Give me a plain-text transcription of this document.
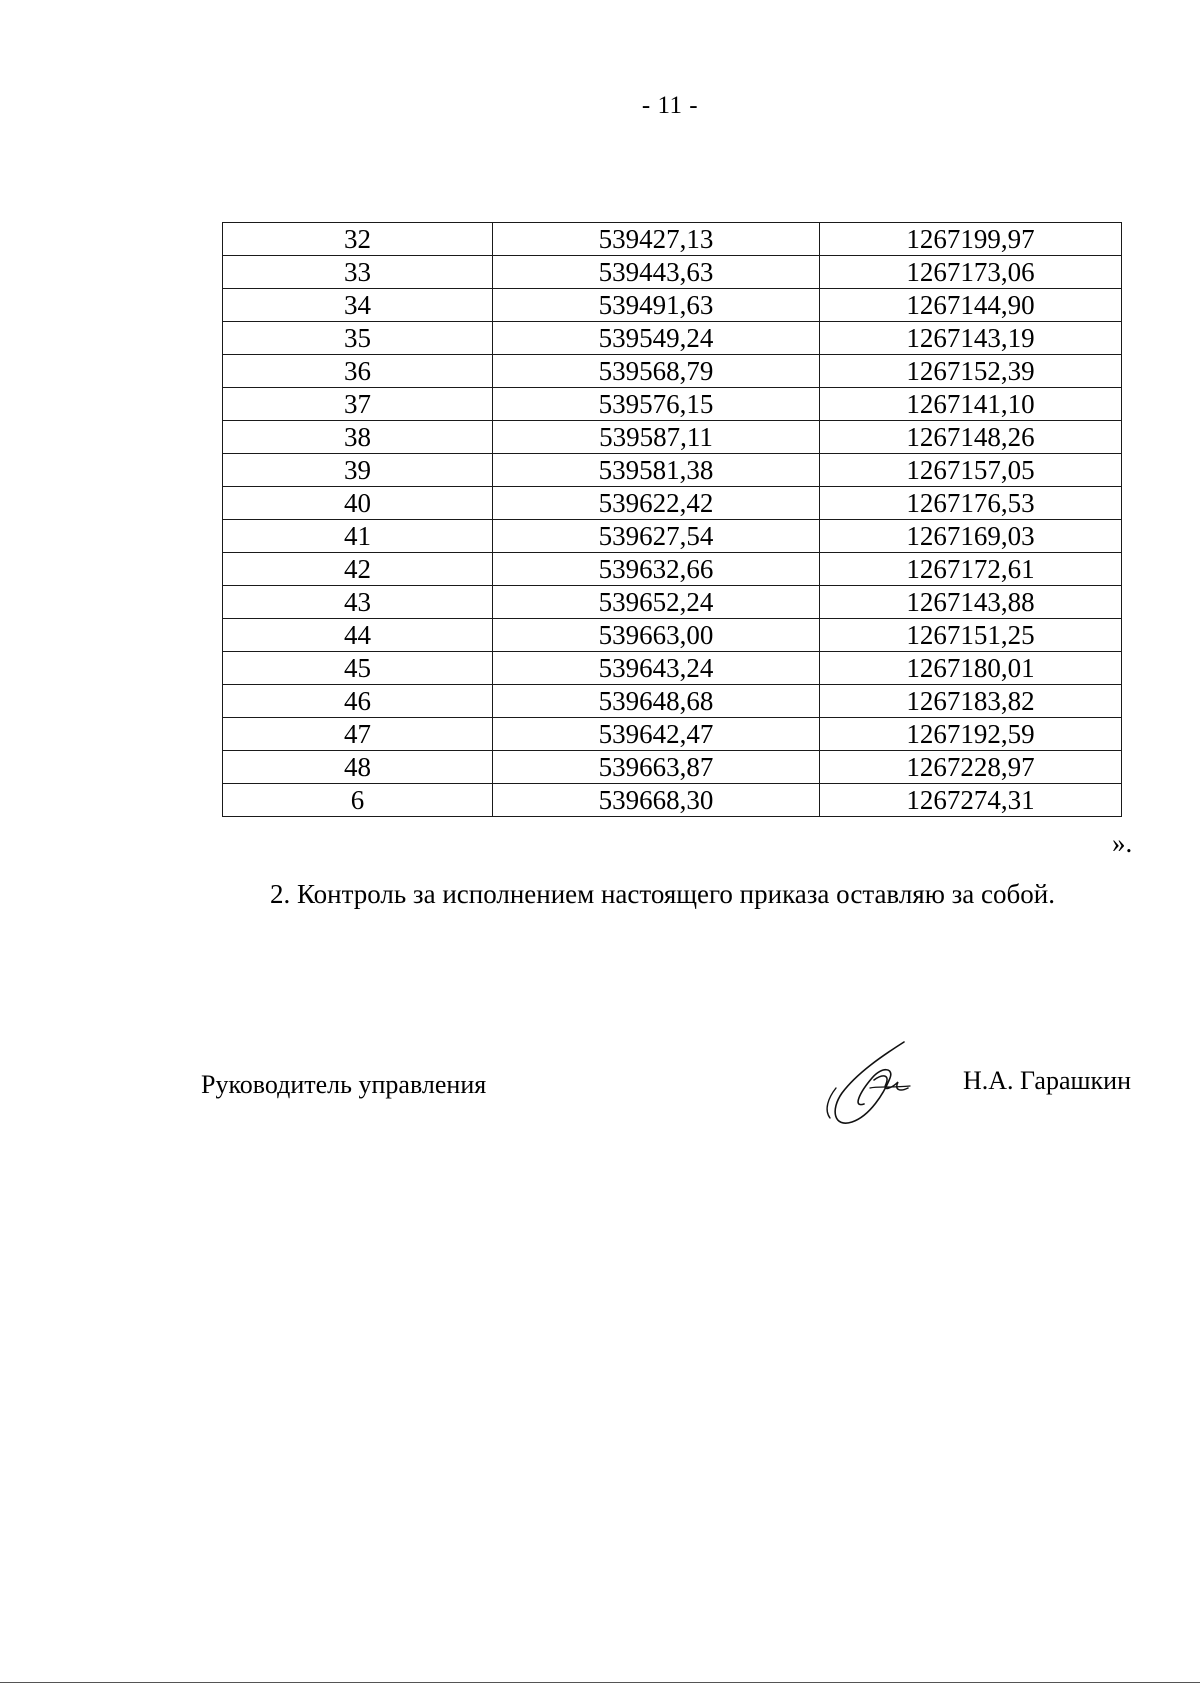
- 11 -
32	539427,13	1267199,97
33	539443,63	1267173,06
34	539491,63	1267144,90
35	539549,24	1267143,19
36	539568,79	1267152,39
37	539576,15	1267141,10
38	539587,11	1267148,26
39	539581,38	1267157,05
40	539622,42	1267176,53
41	539627,54	1267169,03
42	539632,66	1267172,61
43	539652,24	1267143,88
44	539663,00	1267151,25
45	539643,24	1267180,01
46	539648,68	1267183,82
47	539642,47	1267192,59
48	539663,87	1267228,97
6	539668,30	1267274,31
».
2. Контроль за исполнением настоящего приказа оставляю за собой.
Руководитель управления	Н.А. Гарашкин
